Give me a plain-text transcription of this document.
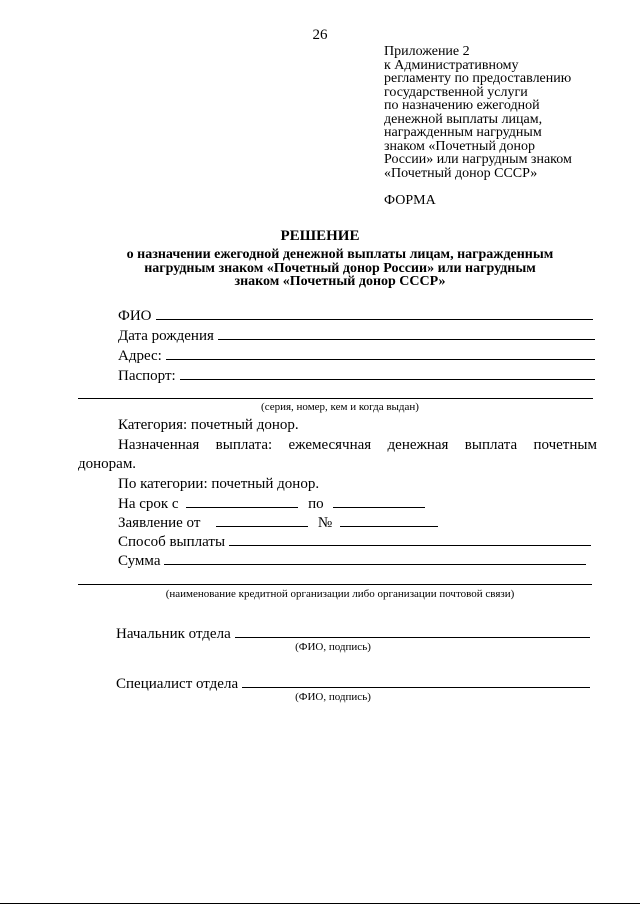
26
Приложение 2
к Административному
регламенту по предоставлению
государственной услуги
по назначению ежегодной
денежной выплаты лицам,
награжденным нагрудным
знаком «Почетный донор
России» или нагрудным знаком
«Почетный донор СССР»
ФОРМА
РЕШЕНИЕ
о назначении ежегодной денежной выплаты лицам, награжденным
нагрудным знаком «Почетный донор России» или нагрудным
знаком «Почетный донор СССР»
ФИО
Дата рождения
Адрес:
Паспорт:
(серия, номер, кем и когда выдан)
Категория: почетный донор.
Назначенная выплата: ежемесячная денежная выплата почетным
донорам.
По категории: почетный донор.
На срок с	по
Заявление от	№
Способ выплаты
Сумма
(наименование кредитной организации либо организации почтовой связи)
Начальник отдела
(ФИО, подпись)
Специалист отдела
(ФИО, подпись)
